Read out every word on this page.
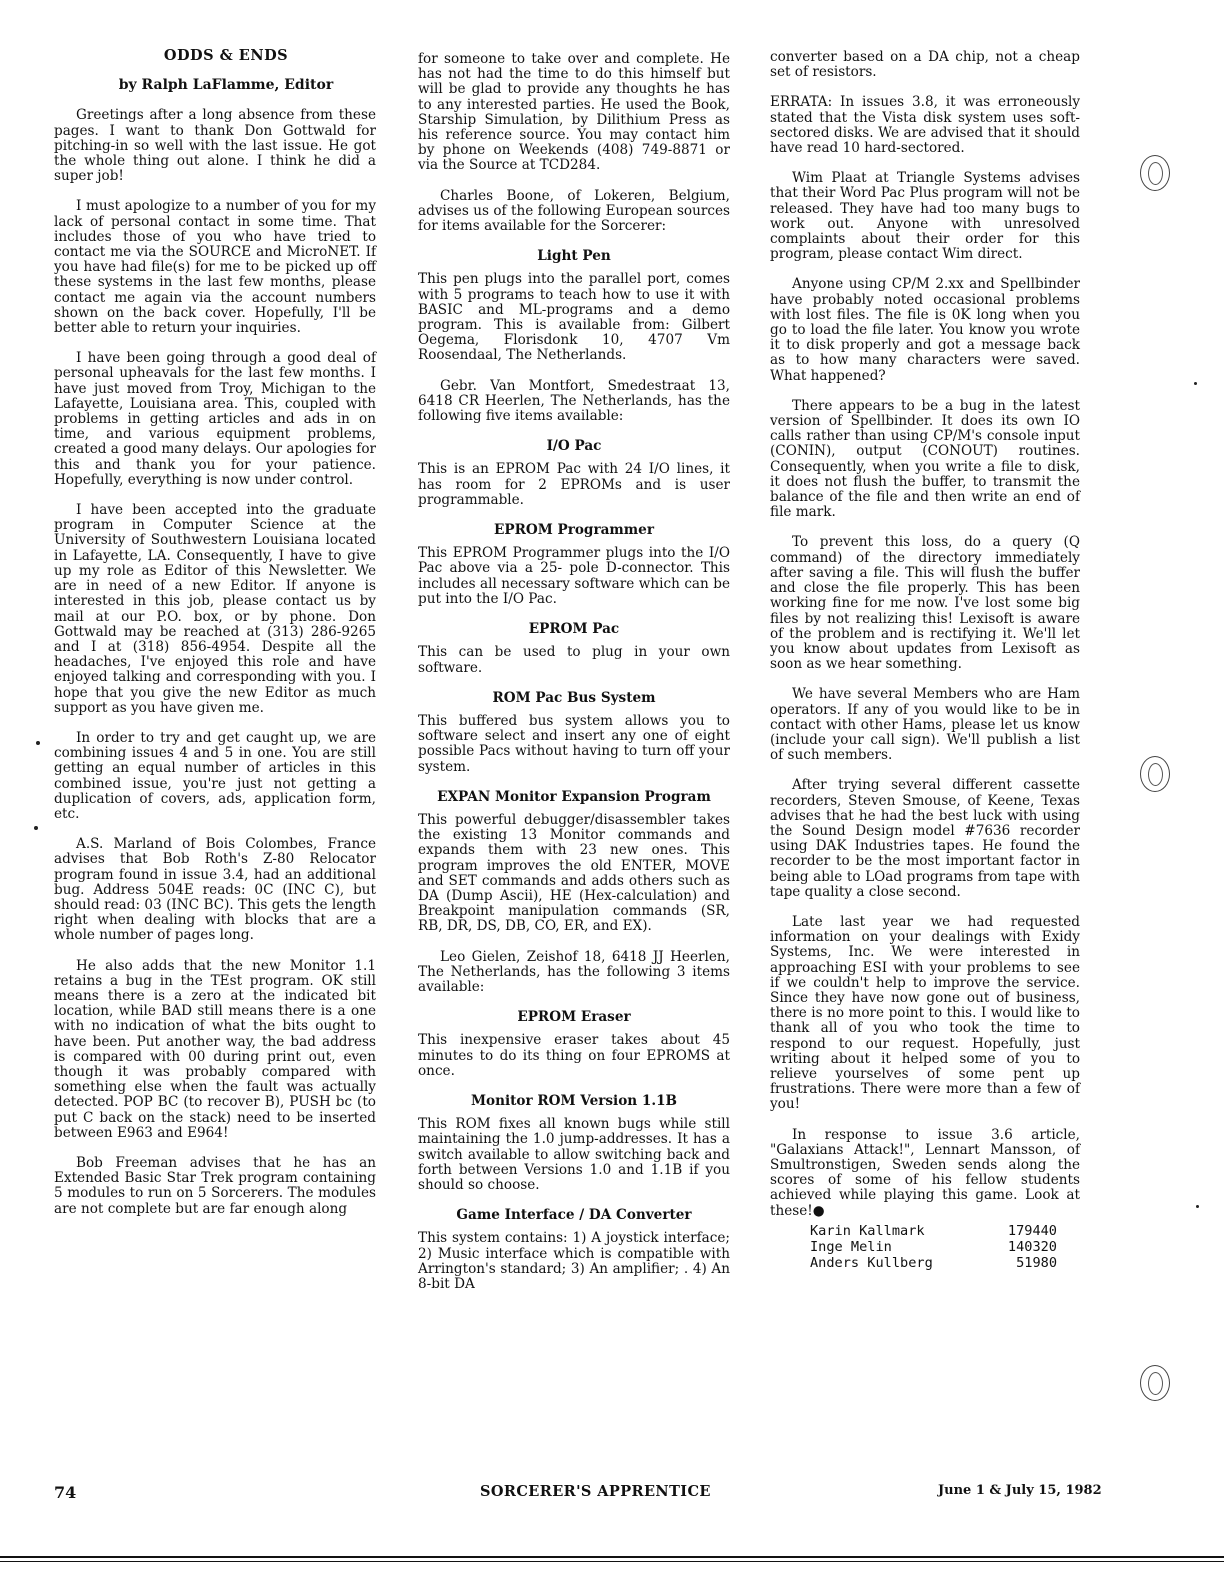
ODDS & ENDS

by Ralph LaFlamme, Editor

Greetings after a long absence from these pages. I want to thank Don Gottwald for pitching-in so well with the last issue. He got the whole thing out alone. I think he did a super job!

I must apologize to a number of you for my lack of personal contact in some time. That includes those of you who have tried to contact me via the SOURCE and MicroNET. If you have had file(s) for me to be picked up off these systems in the last few months, please contact me again via the account numbers shown on the back cover. Hopefully, I'll be better able to return your inquiries.

I have been going through a good deal of personal upheavals for the last few months. I have just moved from Troy, Michigan to the Lafayette, Louisiana area. This, coupled with problems in getting articles and ads in on time, and various equipment problems, created a good many delays. Our apologies for this and thank you for your patience. Hopefully, everything is now under control.

I have been accepted into the graduate program in Computer Science at the University of Southwestern Louisiana located in Lafayette, LA. Consequently, I have to give up my role as Editor of this Newsletter. We are in need of a new Editor. If anyone is interested in this job, please contact us by mail at our P.O. box, or by phone. Don Gottwald may be reached at (313) 286-9265 and I at (318) 856-4954. Despite all the headaches, I've enjoyed this role and have enjoyed talking and corresponding with you. I hope that you give the new Editor as much support as you have given me.

In order to try and get caught up, we are combining issues 4 and 5 in one. You are still getting an equal number of articles in this combined issue, you're just not getting a duplication of covers, ads, application form, etc.

A.S. Marland of Bois Colombes, France advises that Bob Roth's Z-80 Relocator program found in issue 3.4, had an additional bug. Address 504E reads: 0C (INC C), but should read: 03 (INC BC). This gets the length right when dealing with blocks that are a whole number of pages long.

He also adds that the new Monitor 1.1 retains a bug in the TEst program. OK still means there is a zero at the indicated bit location, while BAD still means there is a one with no indication of what the bits ought to have been. Put another way, the bad address is compared with 00 during print out, even though it was probably compared with something else when the fault was actually detected. POP BC (to recover B), PUSH bc (to put C back on the stack) need to be inserted between E963 and E964!

Bob Freeman advises that he has an Extended Basic Star Trek program containing 5 modules to run on 5 Sorcerers. The modules are not complete but are far enough along

for someone to take over and complete. He has not had the time to do this himself but will be glad to provide any thoughts he has to any interested parties. He used the Book, Starship Simulation, by Dilithium Press as his reference source. You may contact him by phone on Weekends (408) 749-8871 or via the Source at TCD284.

Charles Boone, of Lokeren, Belgium, advises us of the following European sources for items available for the Sorcerer:

Light Pen

This pen plugs into the parallel port, comes with 5 programs to teach how to use it with BASIC and ML-programs and a demo program. This is available from: Gilbert Oegema, Florisdonk 10, 4707 Vm Roosendaal, The Netherlands.

Gebr. Van Montfort, Smedestraat 13, 6418 CR Heerlen, The Netherlands, has the following five items available:

I/O Pac

This is an EPROM Pac with 24 I/O lines, it has room for 2 EPROMs and is user programmable.

EPROM Programmer

This EPROM Programmer plugs into the I/O Pac above via a 25- pole D-connector. This includes all necessary software which can be put into the I/O Pac.

EPROM Pac

This can be used to plug in your own software.

ROM Pac Bus System

This buffered bus system allows you to software select and insert any one of eight possible Pacs without having to turn off your system.

EXPAN Monitor Expansion Program

This powerful debugger/disassembler takes the existing 13 Monitor commands and expands them with 23 new ones. This program improves the old ENTER, MOVE and SET commands and adds others such as DA (Dump Ascii), HE (Hex-calculation) and Breakpoint manipulation commands (SR, RB, DR, DS, DB, CO, ER, and EX).

Leo Gielen, Zeishof 18, 6418 JJ Heerlen, The Netherlands, has the following 3 items available:

EPROM Eraser

This inexpensive eraser takes about 45 minutes to do its thing on four EPROMS at once.

Monitor ROM Version 1.1B

This ROM fixes all known bugs while still maintaining the 1.0 jump-addresses. It has a switch available to allow switching back and forth between Versions 1.0 and 1.1B if you should so choose.

Game Interface / DA Converter

This system contains: 1) A joystick interface; 2) Music interface which is compatible with Arrington's standard; 3) An amplifier; . 4) An 8-bit DA

converter based on a DA chip, not a cheap set of resistors.

ERRATA: In issues 3.8, it was erroneously stated that the Vista disk system uses soft-sectored disks. We are advised that it should have read 10 hard-sectored.

Wim Plaat at Triangle Systems advises that their Word Pac Plus program will not be released. They have had too many bugs to work out. Anyone with unresolved complaints about their order for this program, please contact Wim direct.

Anyone using CP/M 2.xx and Spellbinder have probably noted occasional problems with lost files. The file is 0K long when you go to load the file later. You know you wrote it to disk properly and got a message back as to how many characters were saved. What happened?

There appears to be a bug in the latest version of Spellbinder. It does its own IO calls rather than using CP/M's console input (CONIN), output (CONOUT) routines. Consequently, when you write a file to disk, it does not flush the buffer, to transmit the balance of the file and then write an end of file mark.

To prevent this loss, do a query (Q command) of the directory immediately after saving a file. This will flush the buffer and close the file properly. This has been working fine for me now. I've lost some big files by not realizing this! Lexisoft is aware of the problem and is rectifying it. We'll let you know about updates from Lexisoft as soon as we hear something.

We have several Members who are Ham operators. If any of you would like to be in contact with other Hams, please let us know (include your call sign). We'll publish a list of such members.

After trying several different cassette recorders, Steven Smouse, of Keene, Texas advises that he had the best luck with using the Sound Design model #7636 recorder using DAK Industries tapes. He found the recorder to be the most important factor in being able to LOad programs from tape with tape quality a close second.

Late last year we had requested information on your dealings with Exidy Systems, Inc. We were interested in approaching ESI with your problems to see if we couldn't help to improve the service. Since they have now gone out of business, there is no more point to this. I would like to thank all of you who took the time to respond to our request. Hopefully, just writing about it helped some of you to relieve yourselves of some pent up frustrations. There were more than a few of you!

In response to issue 3.6 article, "Galaxians Attack!", Lennart Mansson, of Smultronstigen, Sweden sends along the scores of some of his fellow students achieved while playing this game. Look at these!●

Karin Kallmark	179440
Inge Melin	140320
Anders Kullberg	51980
74	SORCERER'S APPRENTICE	June 1 & July 15, 1982
